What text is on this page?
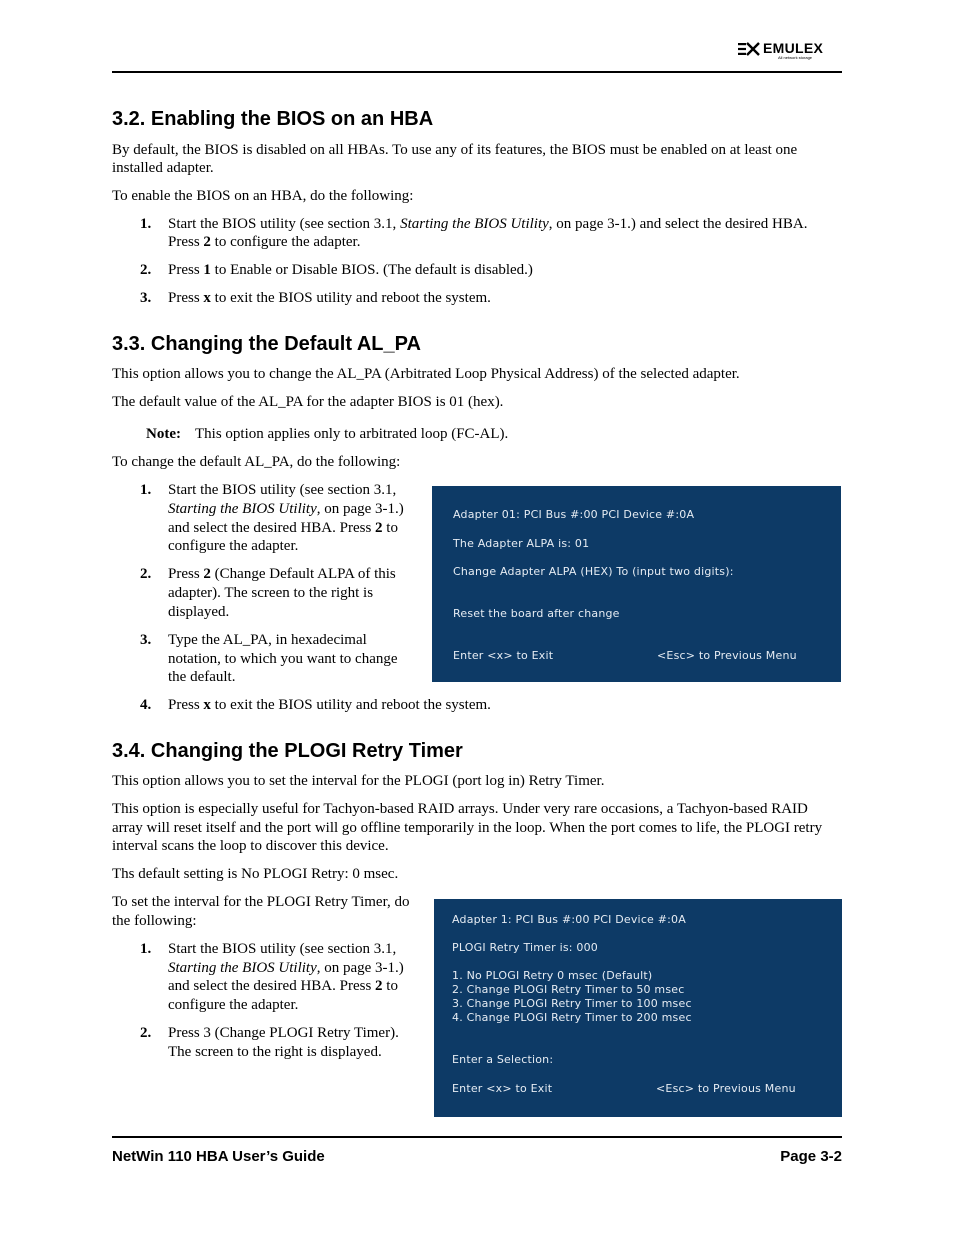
EMULEX
All network storage
3.2. Enabling the BIOS on an HBA

By default, the BIOS is disabled on all HBAs. To use any of its features, the BIOS must be enabled on at least one

installed adapter.

To enable the BIOS on an HBA, do the following:

1. Start the BIOS utility (see section 3.1, Starting the BIOS Utility, on page 3-1.) and select the desired HBA.

Press 2 to configure the adapter.

2. Press 1 to Enable or Disable BIOS. (The default is disabled.)

3. Press x to exit the BIOS utility and reboot the system.

3.3. Changing the Default AL_PA

This option allows you to change the AL_PA (Arbitrated Loop Physical Address) of the selected adapter.

The default value of the AL_PA for the adapter BIOS is 01 (hex).

Note: This option applies only to arbitrated loop (FC-AL).

To change the default AL_PA, do the following:

1. Start the BIOS utility (see section 3.1,

Starting the BIOS Utility, on page 3-1.)

and select the desired HBA. Press 2 to

configure the adapter.

2. Press 2 (Change Default ALPA of this

adapter). The screen to the right is

displayed.

3. Type the AL_PA, in hexadecimal

notation, to which you want to change

the default.

4. Press x to exit the BIOS utility and reboot the system.

Adapter 01: PCI Bus #:00 PCI Device #:0A
The Adapter ALPA is: 01
Change Adapter ALPA (HEX) To (input two digits):
Reset the board after change
Enter <x> to Exit	<Esc> to Previous Menu
3.4. Changing the PLOGI Retry Timer

This option allows you to set the interval for the PLOGI (port log in) Retry Timer.

This option is especially useful for Tachyon-based RAID arrays. Under very rare occasions, a Tachyon-based RAID

array will reset itself and the port will go offline temporarily in the loop. When the port comes to life, the PLOGI retry

interval scans the loop to discover this device.

Ths default setting is No PLOGI Retry: 0 msec.

To set the interval for the PLOGI Retry Timer, do

the following:

1. Start the BIOS utility (see section 3.1,

Starting the BIOS Utility, on page 3-1.)

and select the desired HBA. Press 2 to

configure the adapter.

2. Press 3 (Change PLOGI Retry Timer).

The screen to the right is displayed.

Adapter 1: PCI Bus #:00 PCI Device #:0A
PLOGI Retry Timer is: 000
1. No PLOGI Retry 0 msec (Default)
2. Change PLOGI Retry Timer to 50 msec
3. Change PLOGI Retry Timer to 100 msec
4. Change PLOGI Retry Timer to 200 msec
Enter a Selection:
Enter <x> to Exit	<Esc> to Previous Menu
NetWin 110 HBA User’s Guide	Page 3-2
